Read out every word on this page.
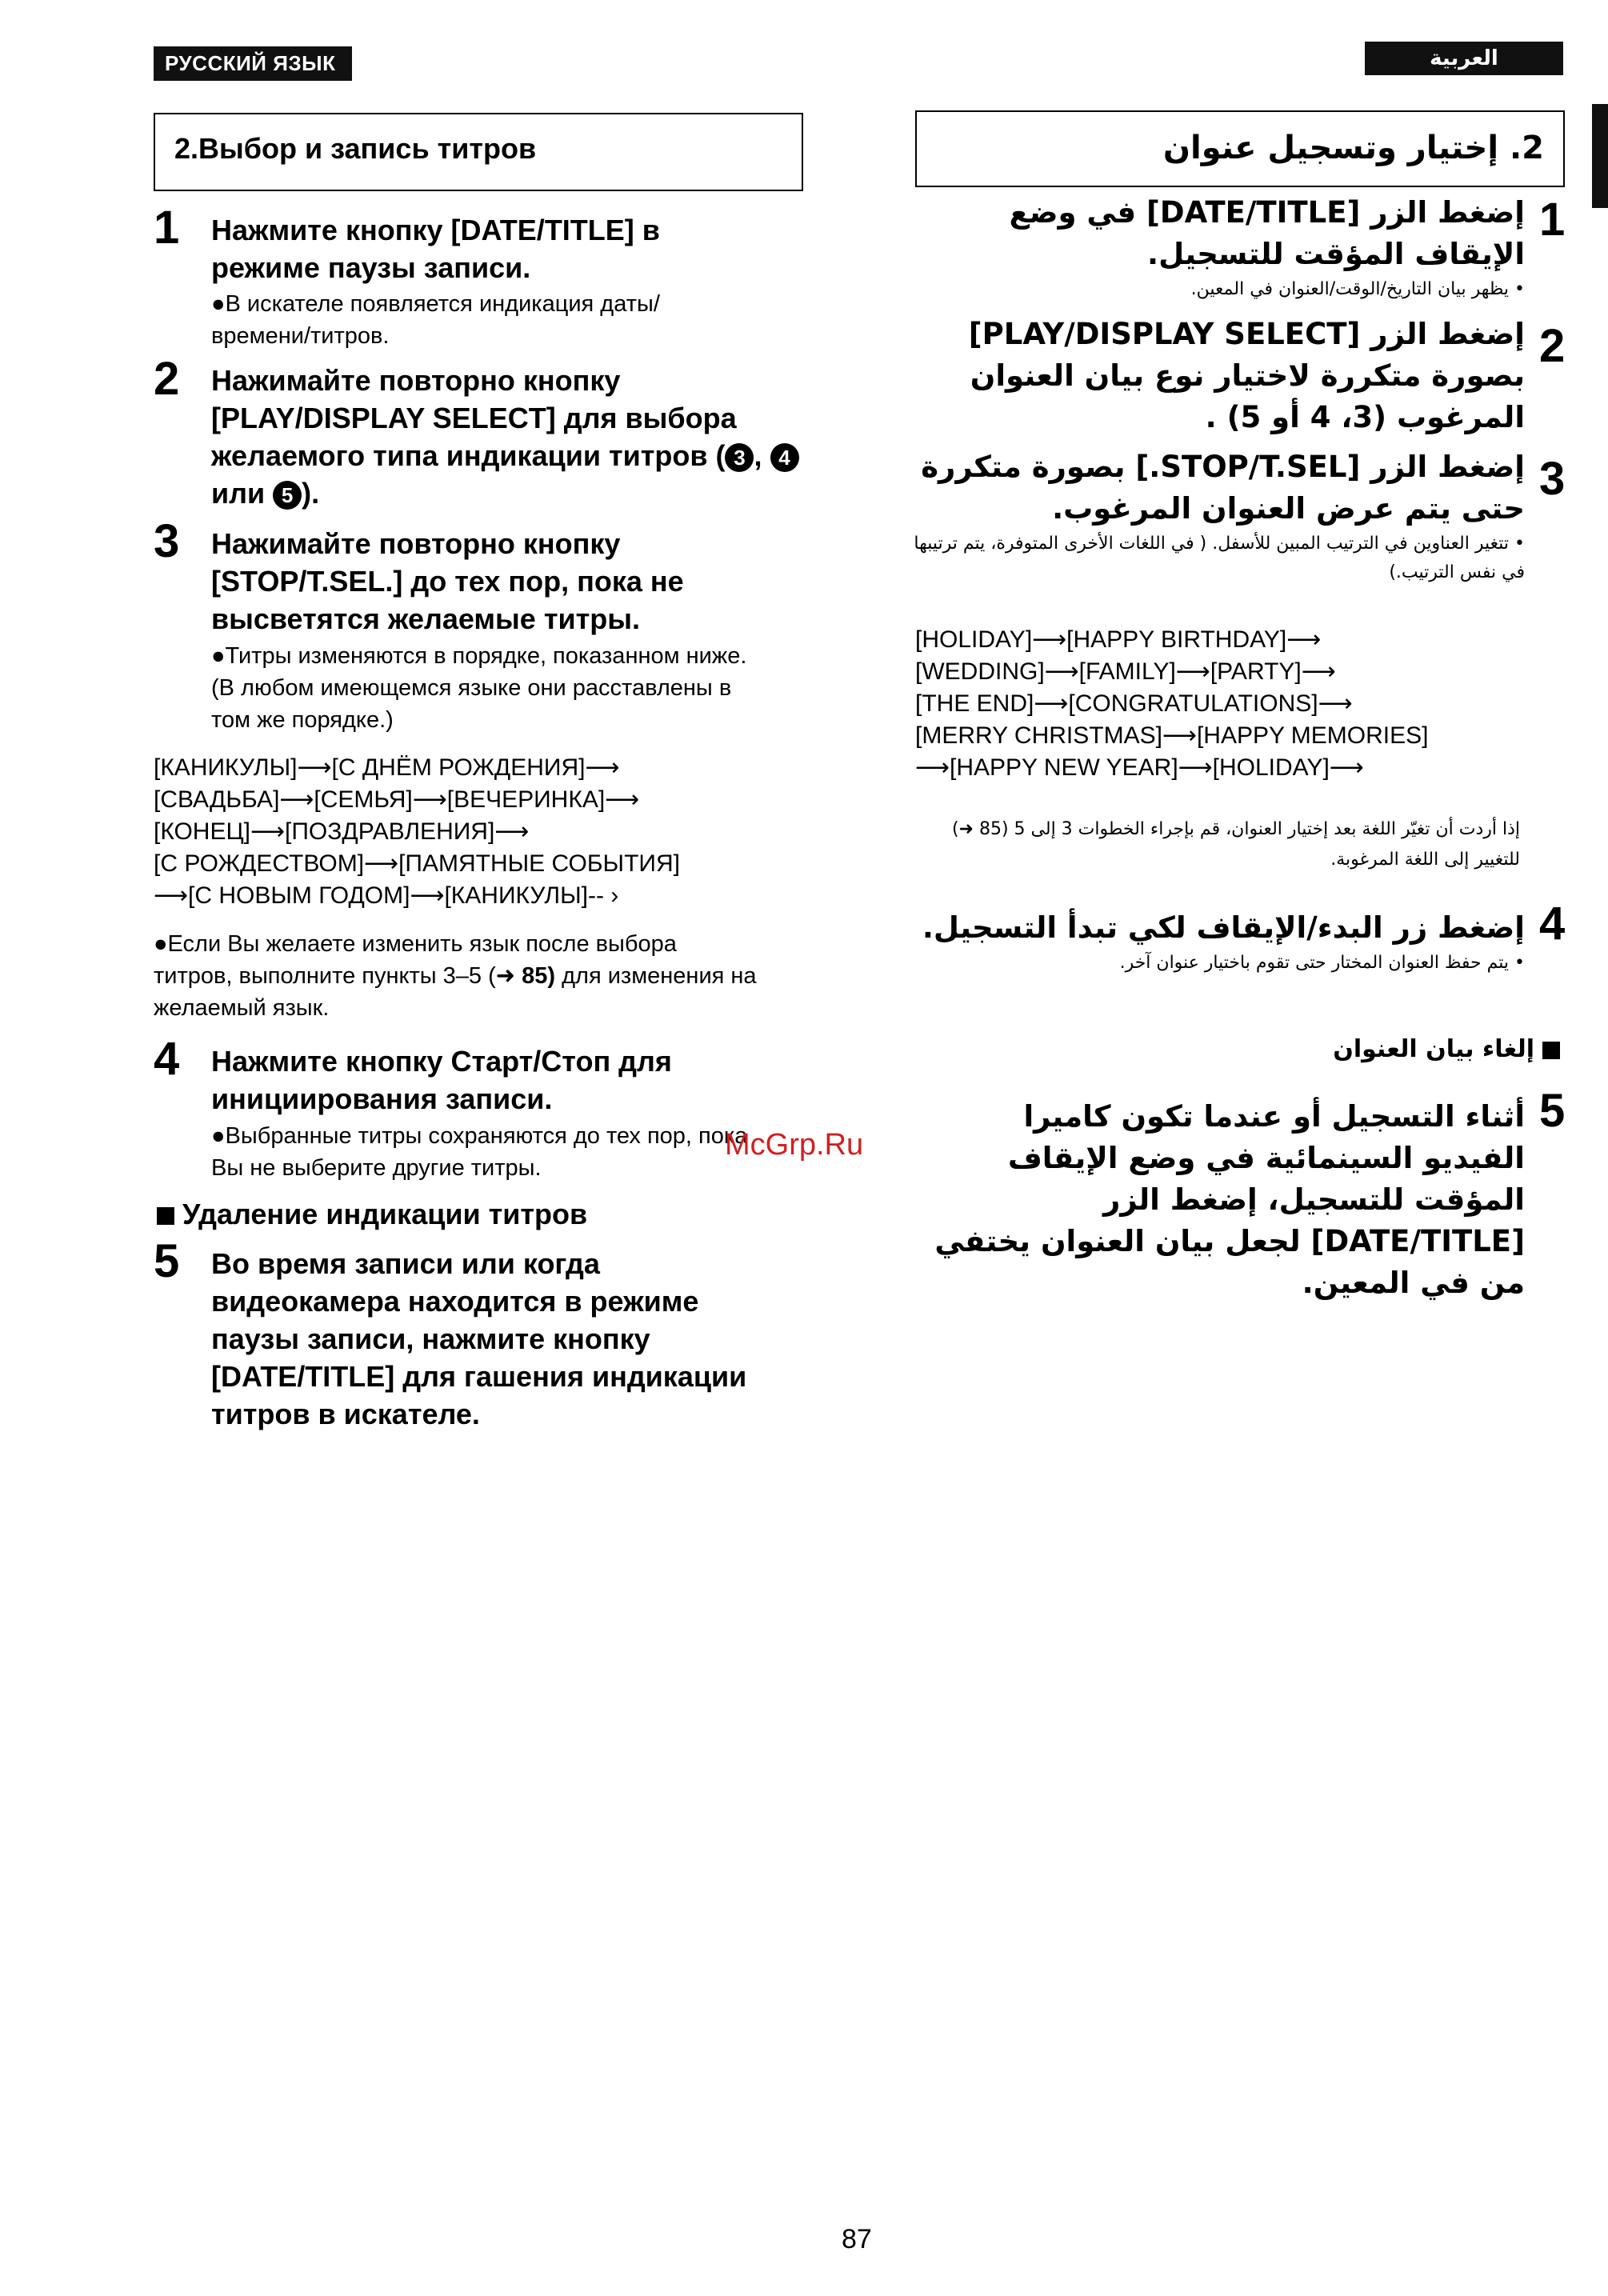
РУССКИЙ ЯЗЫК	العربية
2.Выбор и запись титров
1 Нажмите кнопку [DATE/TITLE] в режиме паузы записи.
●В искателе появляется индикация даты/ времени/титров.
2 Нажимайте повторно кнопку [PLAY/DISPLAY SELECT] для выбора желаемого типа индикации титров ( 3 , 4 или 5 ).
3 Нажимайте повторно кнопку [STOP/T.SEL.] до тех пор, пока не высветятся желаемые титры.
●Титры изменяются в порядке, показанном ниже. (В любом имеющемся языке они расставлены в том же порядке.)
[КАНИКУЛЫ]⟶[С ДНЁМ РОЖДЕНИЯ]⟶
[СВАДЬБА]⟶[СЕМЬЯ]⟶[ВЕЧЕРИНКА]⟶
[КОНЕЦ]⟶[ПОЗДРАВЛЕНИЯ]⟶
[С РОЖДЕСТВОМ]⟶[ПАМЯТНЫЕ СОБЫТИЯ]
⟶[С НОВЫМ ГОДОМ]⟶[КАНИКУЛЫ]-- ›
●Если Вы желаете изменить язык после выбора титров, выполните пункты 3–5 (➜ 85) для изменения на желаемый язык.
4 Нажмите кнопку Старт/Стоп для инициирования записи.
●Выбранные титры сохраняются до тех пор, пока Вы не выберите другие титры.
Удаление индикации титров
5 Во время записи или когда видеокамера находится в режиме паузы записи, нажмите кнопку [DATE/TITLE] для гашения индикации титров в искателе.
McGrp.Ru
2. إختيار وتسجيل عنوان
إضغط الزر [DATE/TITLE] في وضع الإيقاف المؤقت للتسجيل.
• يظهر بيان التاريخ/الوقت/العنوان في المعين.
إضغط الزر [PLAY/DISPLAY SELECT] بصورة متكررة لاختيار نوع بيان العنوان المرغوب (3، 4 أو 5) .
إضغط الزر [STOP/T.SEL.] بصورة متكررة حتى يتم عرض العنوان المرغوب.
• تتغير العناوين في الترتيب المبين للأسفل. ( في اللغات الأخرى المتوفرة، يتم ترتيبها في نفس الترتيب.)
1
2
3
[HOLIDAY]⟶[HAPPY BIRTHDAY]⟶
[WEDDING]⟶[FAMILY]⟶[PARTY]⟶
[THE END]⟶[CONGRATULATIONS]⟶
[MERRY CHRISTMAS]⟶[HAPPY MEMORIES]
⟶[HAPPY NEW YEAR]⟶[HOLIDAY]⟶
إذا أردت أن تغيّر اللغة بعد إختيار العنوان، قم بإجراء الخطوات 3 إلى 5 (85 ➜) للتغيير إلى اللغة المرغوبة.
4
إضغط زر البدء/الإيقاف لكي تبدأ التسجيل.
• يتم حفظ العنوان المختار حتى تقوم باختيار عنوان آخر.
إلغاء بيان العنوان
5
أثناء التسجيل أو عندما تكون كاميرا الفيديو السينمائية في وضع الإيقاف المؤقت للتسجيل، إضغط الزر [DATE/TITLE] لجعل بيان العنوان يختفي من في المعين.
87
